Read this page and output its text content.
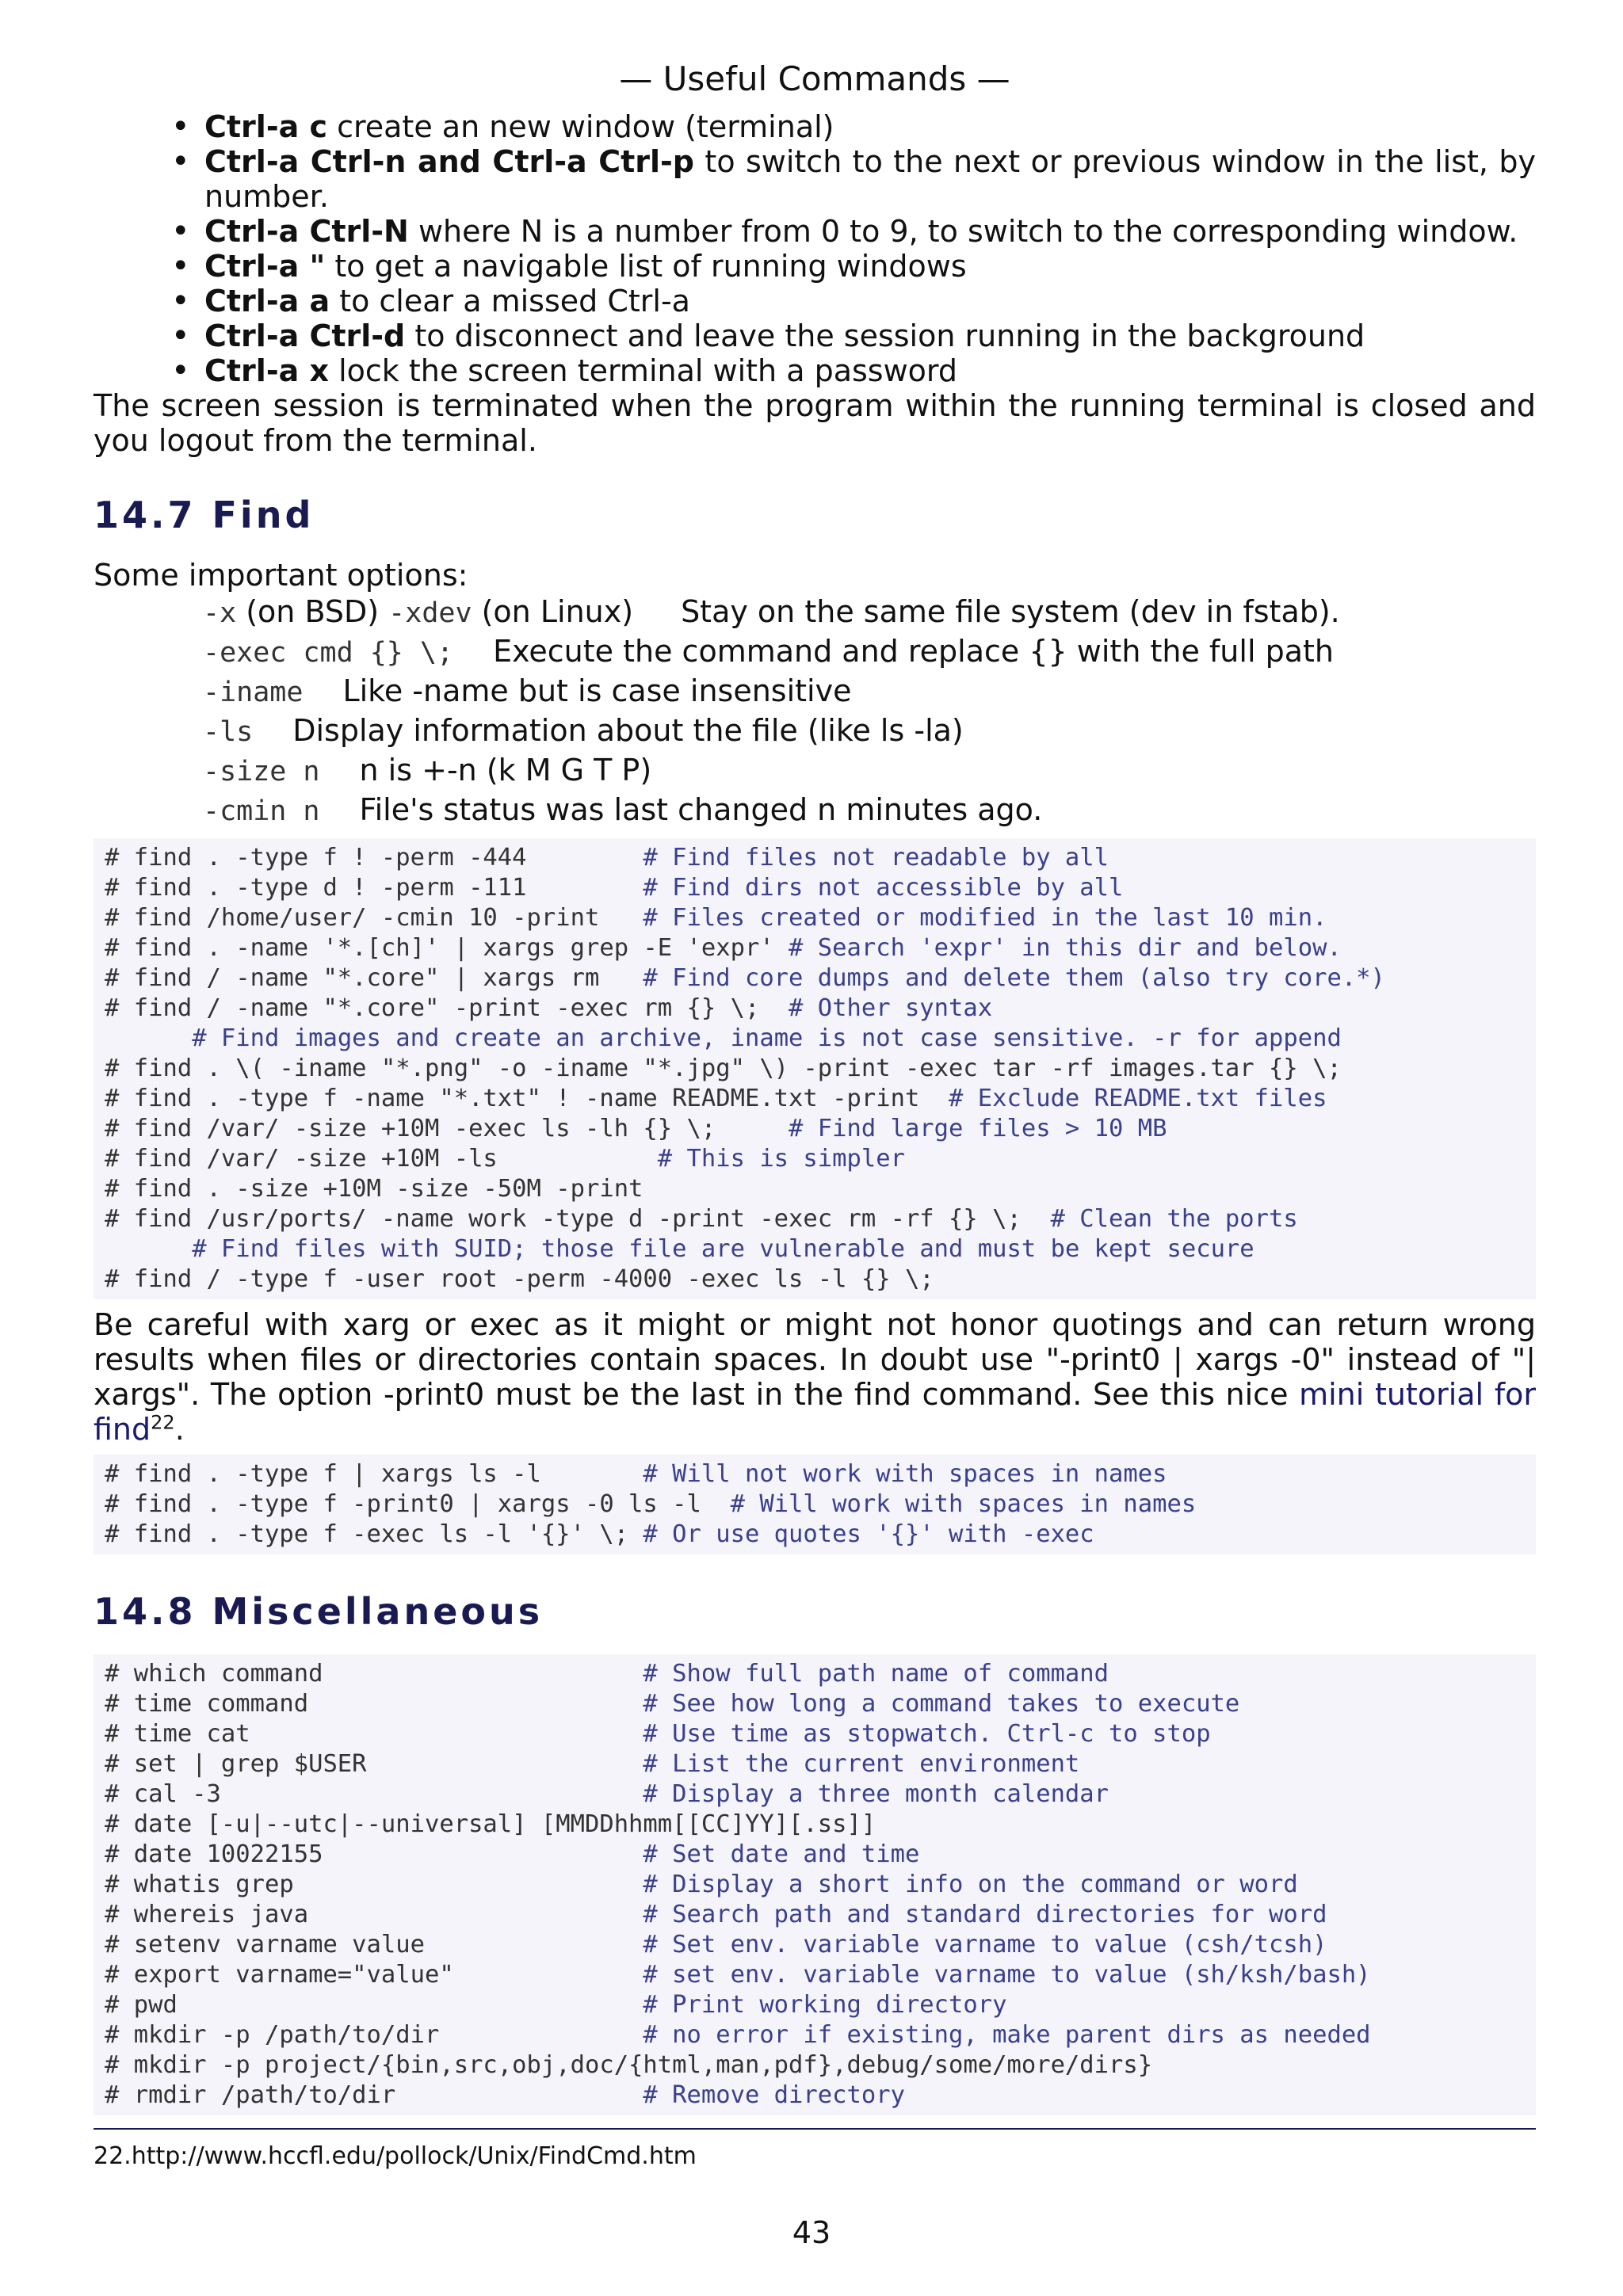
— Useful Commands —
• Ctrl-a c create an new window (terminal)
• Ctrl-a Ctrl-n and Ctrl-a Ctrl-p to switch to the next or previous window in the list, by number.
• Ctrl-a Ctrl-N where N is a number from 0 to 9, to switch to the corresponding window.
• Ctrl-a " to get a navigable list of running windows
• Ctrl-a a to clear a missed Ctrl-a
• Ctrl-a Ctrl-d to disconnect and leave the session running in the background
• Ctrl-a x lock the screen terminal with a password

The screen session is terminated when the program within the running terminal is closed and you logout from the terminal.

14.7 Find

Some important options:

-x (on BSD) -xdev (on Linux) Stay on the same file system (dev in fstab).
-exec cmd {} \; Execute the command and replace {} with the full path
-iname Like -name but is case insensitive
-ls Display information about the file (like ls -la)
-size n n is +-n (k M G T P)
-cmin n File's status was last changed n minutes ago.
# find . -type f ! -perm -444        # Find files not readable by all
# find . -type d ! -perm -111        # Find dirs not accessible by all
# find /home/user/ -cmin 10 -print   # Files created or modified in the last 10 min.
# find . -name '*.[ch]' | xargs grep -E 'expr' # Search 'expr' in this dir and below.
# find / -name "*.core" | xargs rm   # Find core dumps and delete them (also try core.*)
# find / -name "*.core" -print -exec rm {} \;  # Other syntax
# Find images and create an archive, iname is not case sensitive. -r for append
# find . \( -iname "*.png" -o -iname "*.jpg" \) -print -exec tar -rf images.tar {} \;
# find . -type f -name "*.txt" ! -name README.txt -print  # Exclude README.txt files
# find /var/ -size +10M -exec ls -lh {} \;     # Find large files > 10 MB
# find /var/ -size +10M -ls           # This is simpler
# find . -size +10M -size -50M -print
# find /usr/ports/ -name work -type d -print -exec rm -rf {} \;  # Clean the ports
# Find files with SUID; those file are vulnerable and must be kept secure
# find / -type f -user root -perm -4000 -exec ls -l {} \;

Be careful with xarg or exec as it might or might not honor quotings and can return wrong results when files or directories contain spaces. In doubt use "-print0 | xargs -0" instead of "| xargs". The option -print0 must be the last in the find command. See this nice mini tutorial for find$^{22}$.

# find . -type f | xargs ls -l       # Will not work with spaces in names
# find . -type f -print0 | xargs -0 ls -l  # Will work with spaces in names
# find . -type f -exec ls -l '{}' \; # Or use quotes '{}' with -exec
14.8 Miscellaneous
# which command                      # Show full path name of command
# time command                       # See how long a command takes to execute
# time cat                           # Use time as stopwatch. Ctrl-c to stop
# set | grep $USER                   # List the current environment
# cal -3                             # Display a three month calendar
# date [-u|--utc|--universal] [MMDDhhmm[[CC]YY][.ss]]
# date 10022155                      # Set date and time
# whatis grep                        # Display a short info on the command or word
# whereis java                       # Search path and standard directories for word
# setenv varname value               # Set env. variable varname to value (csh/tcsh)
# export varname="value"             # set env. variable varname to value (sh/ksh/bash)
# pwd                                # Print working directory
# mkdir -p /path/to/dir              # no error if existing, make parent dirs as needed
# mkdir -p project/{bin,src,obj,doc/{html,man,pdf},debug/some/more/dirs}
# rmdir /path/to/dir                 # Remove directory
22.http://www.hccfl.edu/pollock/Unix/FindCmd.htm
43
